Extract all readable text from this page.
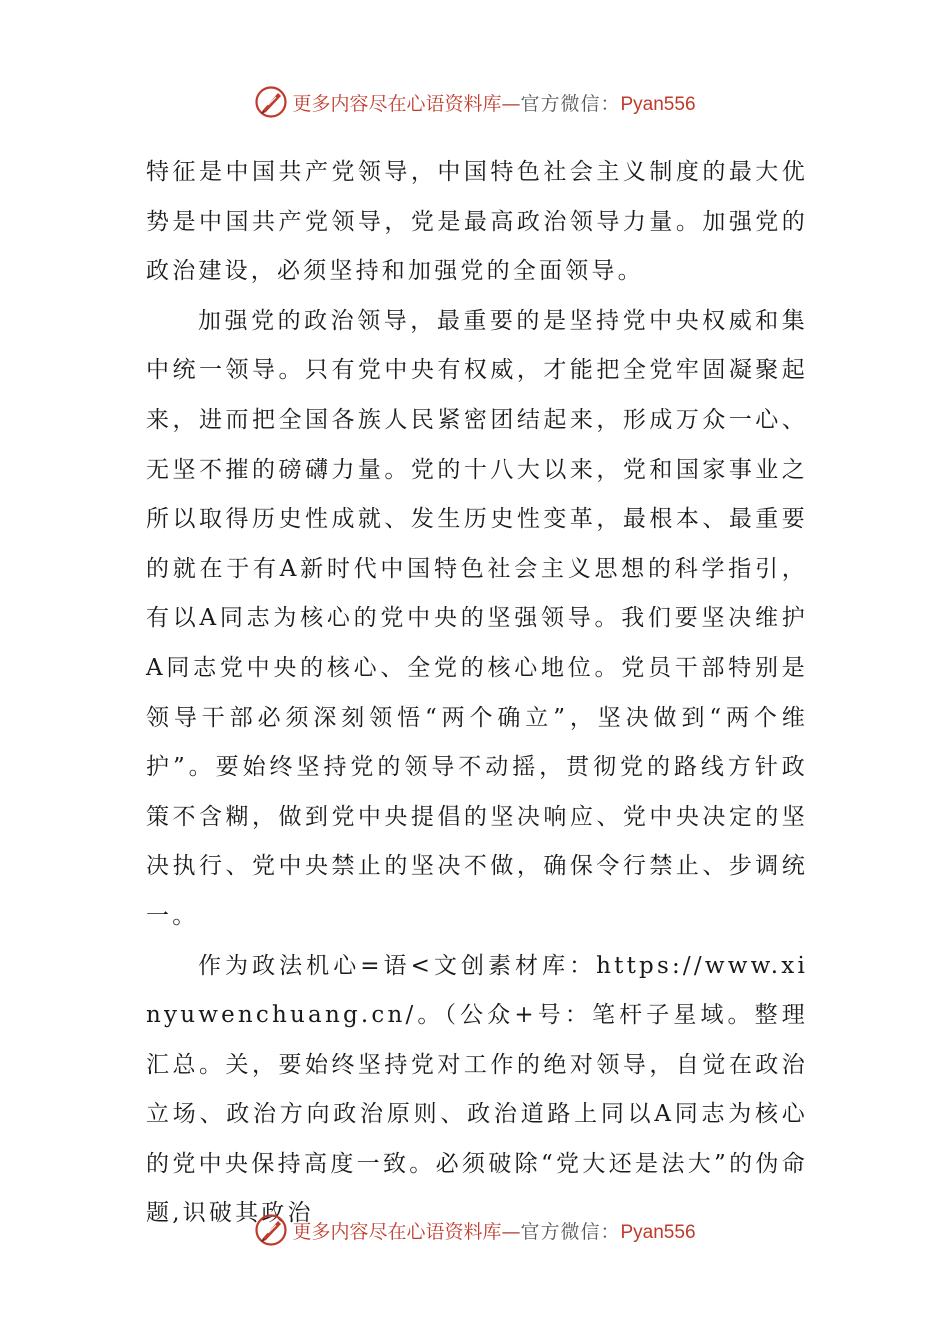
更多内容尽在心语资料库—官方微信：Pyan556

特征是中国共产党领导，中国特色社会主义制度的最大优势是中国共产党领导，党是最高政治领导力量。加强党的政治建设，必须坚持和加强党的全面领导。

加强党的政治领导，最重要的是坚持党中央权威和集中统一领导。只有党中央有权威，才能把全党牢固凝聚起来，进而把全国各族人民紧密团结起来，形成万众一心、无坚不摧的磅礴力量。党的十八大以来，党和国家事业之所以取得历史性成就、发生历史性变革，最根本、最重要的就在于有A新时代中国特色社会主义思想的科学指引，有以A同志为核心的党中央的坚强领导。我们要坚决维护A同志党中央的核心、全党的核心地位。党员干部特别是领导干部必须深刻领悟“两个确立”，坚决做到“两个维护”。要始终坚持党的领导不动摇，贯彻党的路线方针政策不含糊，做到党中央提倡的坚决响应、党中央决定的坚决执行、党中央禁止的坚决不做，确保令行禁止、步调统一。

作为政法机心=语<文创素材库：https://www.xinyuwenchuang.cn/。（公众+号：笔杆子星域。整理汇总。关，要始终坚持党对工作的绝对领导，自觉在政治立场、政治方向政治原则、政治道路上同以A同志为核心的党中央保持高度一致。必须破除“党大还是法大”的伪命题,识破其政治

更多内容尽在心语资料库—官方微信：Pyan556
